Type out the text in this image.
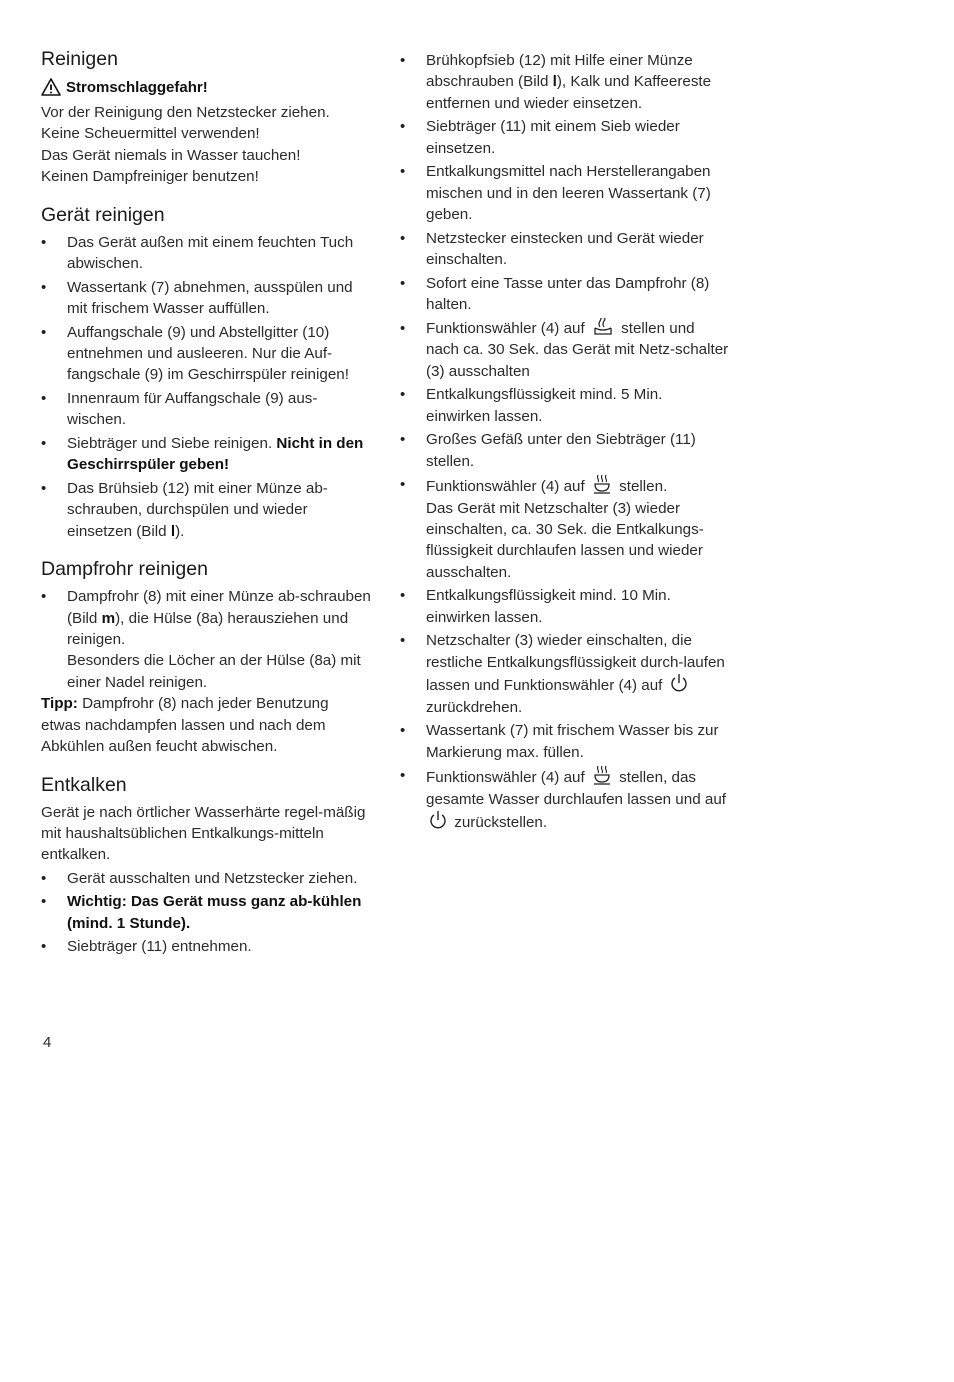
Reinigen
Stromschlaggefahr!

Vor der Reinigung den Netzstecker ziehen.

Keine Scheuermittel verwenden!

Das Gerät niemals in Wasser tauchen!

Keinen Dampfreiniger benutzen!

Gerät reinigen
• Das Gerät außen mit einem feuchten Tuch abwischen.
• Wassertank (7) abnehmen, ausspülen und mit frischem Wasser auffüllen.
• Auffangschale (9) und Abstellgitter (10) entnehmen und ausleeren. Nur die Auf-fangschale (9) im Geschirrspüler reinigen!
• Innenraum für Auffangschale (9) aus-wischen.
• Siebträger und Siebe reinigen. Nicht in den Geschirrspüler geben!
• Das Brühsieb (12) mit einer Münze ab-schrauben, durchspülen und wieder einsetzen (Bild l).
Dampfrohr reinigen
• Dampfrohr (8) mit einer Münze ab-schrauben (Bild m), die Hülse (8a) herausziehen und reinigen.
Besonders die Löcher an der Hülse (8a) mit einer Nadel reinigen.

Tipp: Dampfrohr (8) nach jeder Benutzung etwas nachdampfen lassen und nach dem Abkühlen außen feucht abwischen.

Entkalken

Gerät je nach örtlicher Wasserhärte regel-mäßig mit haushaltsüblichen Entkalkungs-mitteln entkalken.

• Gerät ausschalten und Netzstecker ziehen.
• Wichtig: Das Gerät muss ganz ab-kühlen (mind. 1 Stunde).
• Siebträger (11) entnehmen.
• Brühkopfsieb (12) mit Hilfe einer Münze abschrauben (Bild l), Kalk und Kaffeereste entfernen und wieder einsetzen.
• Siebträger (11) mit einem Sieb wieder einsetzen.
• Entkalkungsmittel nach Herstellerangaben mischen und in den leeren Wassertank (7) geben.
• Netzstecker einstecken und Gerät wieder einschalten.
• Sofort eine Tasse unter das Dampfrohr (8) halten.
• Funktionswähler (4) auf stellen und nach ca. 30 Sek. das Gerät mit Netz-schalter (3) ausschalten
• Entkalkungsflüssigkeit mind. 5 Min. einwirken lassen.
• Großes Gefäß unter den Siebträger (11) stellen.
• Funktionswähler (4) auf stellen.
Das Gerät mit Netzschalter (3) wieder einschalten, ca. 30 Sek. die Entkalkungs-flüssigkeit durchlaufen lassen und wieder ausschalten.
• Entkalkungsflüssigkeit mind. 10 Min. einwirken lassen.
• Netzschalter (3) wieder einschalten, die restliche Entkalkungsflüssigkeit durch-laufen lassen und Funktionswähler (4) auf  zurückdrehen.
• Wassertank (7) mit frischem Wasser bis zur Markierung max. füllen.
• Funktionswähler (4) auf stellen, das gesamte Wasser durchlaufen lassen und auf  zurückstellen.
4
